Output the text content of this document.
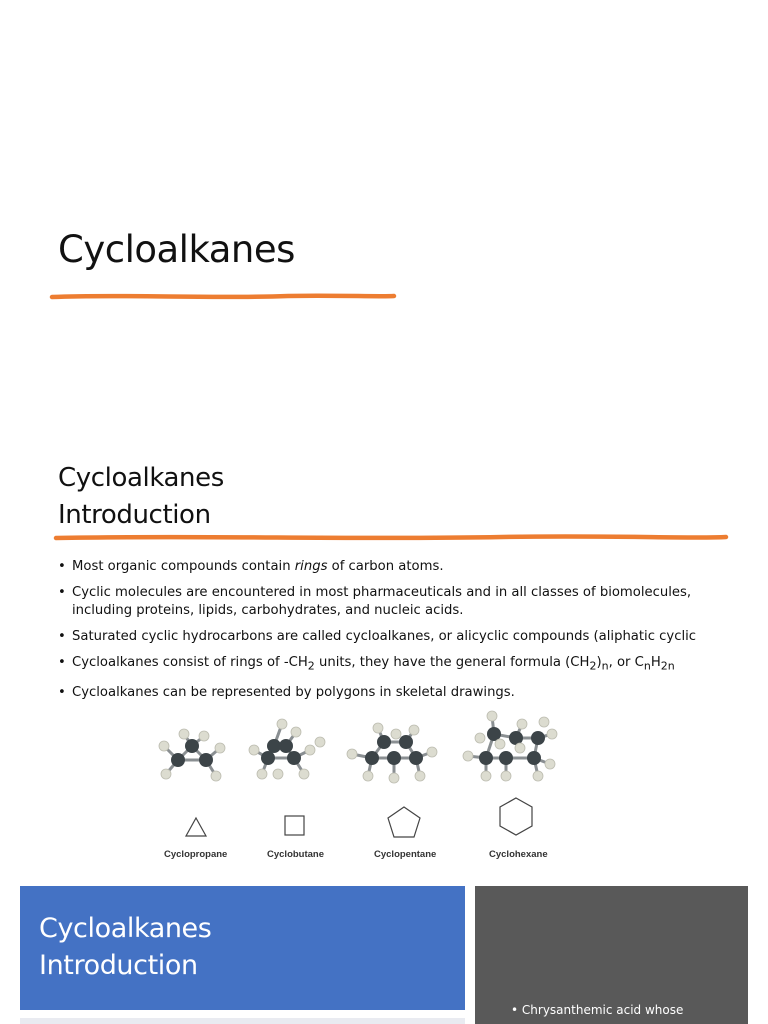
Cycloalkanes
Cycloalkanes
Introduction
• Most organic compounds contain rings of carbon atoms.
• Cyclic molecules are encountered in most pharmaceuticals and in all classes of biomolecules,
including proteins, lipids, carbohydrates, and nucleic acids.
• Saturated cyclic hydrocarbons are called cycloalkanes, or alicyclic compounds (aliphatic cyclic
• Cycloalkanes consist of rings of $-CH_2$ units, they have the general formula $(CH_2)_n$, or $C_nH_{2n}$
• Cycloalkanes can be represented by polygons in skeletal drawings.
Cyclopropane	Cyclobutane	Cyclopentane	Cyclohexane
Cycloalkanes
Introduction
• Chrysanthemic acid whose
